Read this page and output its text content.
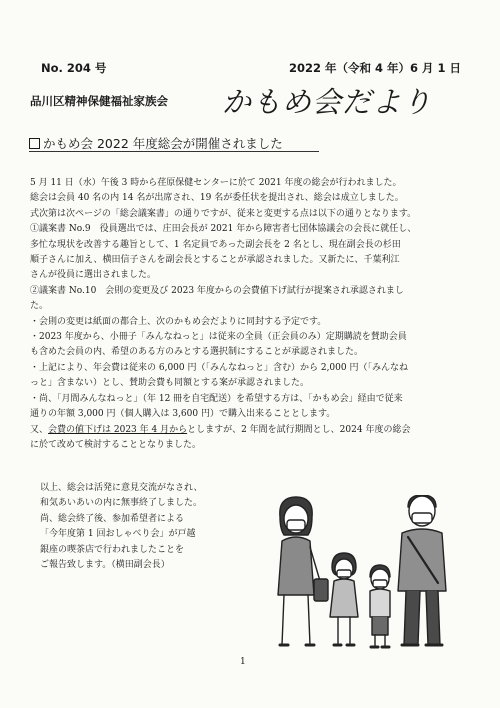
No. 204 号	2022 年（令和 4 年）6 月 1 日
品川区精神保健福祉家族会 かもめ会だより
かもめ会 2022 年度総会が開催されました

5 月 11 日（水）午後 3 時から荏原保健センターに於て 2021 年度の総会が行われました。

総会は会員 40 名の内 14 名が出席され、19 名が委任状を提出され、総会は成立しました。

式次第は次ページの「総会議案書」の通りですが、従来と変更する点は以下の通りとなります。

①議案書 No.9　役員選出では、庄田会長が 2021 年から障害者七団体協議会の会長に就任し、

多忙な現状を改善する趣旨として、1 名定員であった副会長を 2 名とし、現在副会長の杉田

順子さんに加え、横田信子さんを副会長とすることが承認されました。又新たに、千葉利江

さんが役員に選出されました。

②議案書 No.10　会則の変更及び 2023 年度からの会費値下げ試行が提案され承認されまし

た。

・会則の変更は紙面の都合上、次のかもめ会だよりに同封する予定です。

・2023 年度から、小冊子「みんなねっと」は従来の全員（正会員のみ）定期購読を賛助会員

も含めた会員の内、希望のある方のみとする選択制にすることが承認されました。

・上記により、年会費は従来の 6,000 円（「みんなねっと」含む）から 2,000 円（「みんなね

っと」含まない）とし、賛助会費も同額とする案が承認されました。

・尚、「月間みんなねっと」（年 12 冊を自宅配送）を希望する方は、「かもめ会」経由で従来

通りの年額 3,000 円（個人購入は 3,600 円）で購入出来ることとします。

又、会費の値下げは 2023 年 4 月からとしますが、2 年間を試行期間とし、2024 年度の総会

に於て改めて検討することとなりました。

以上、総会は活発に意見交流がなされ、

和気あいあいの内に無事終了しました。

尚、総会終了後、参加希望者による

「今年度第 1 回おしゃべり会」が戸越

銀座の喫茶店で行われましたことを

ご報告致します。（横田副会長）

1
